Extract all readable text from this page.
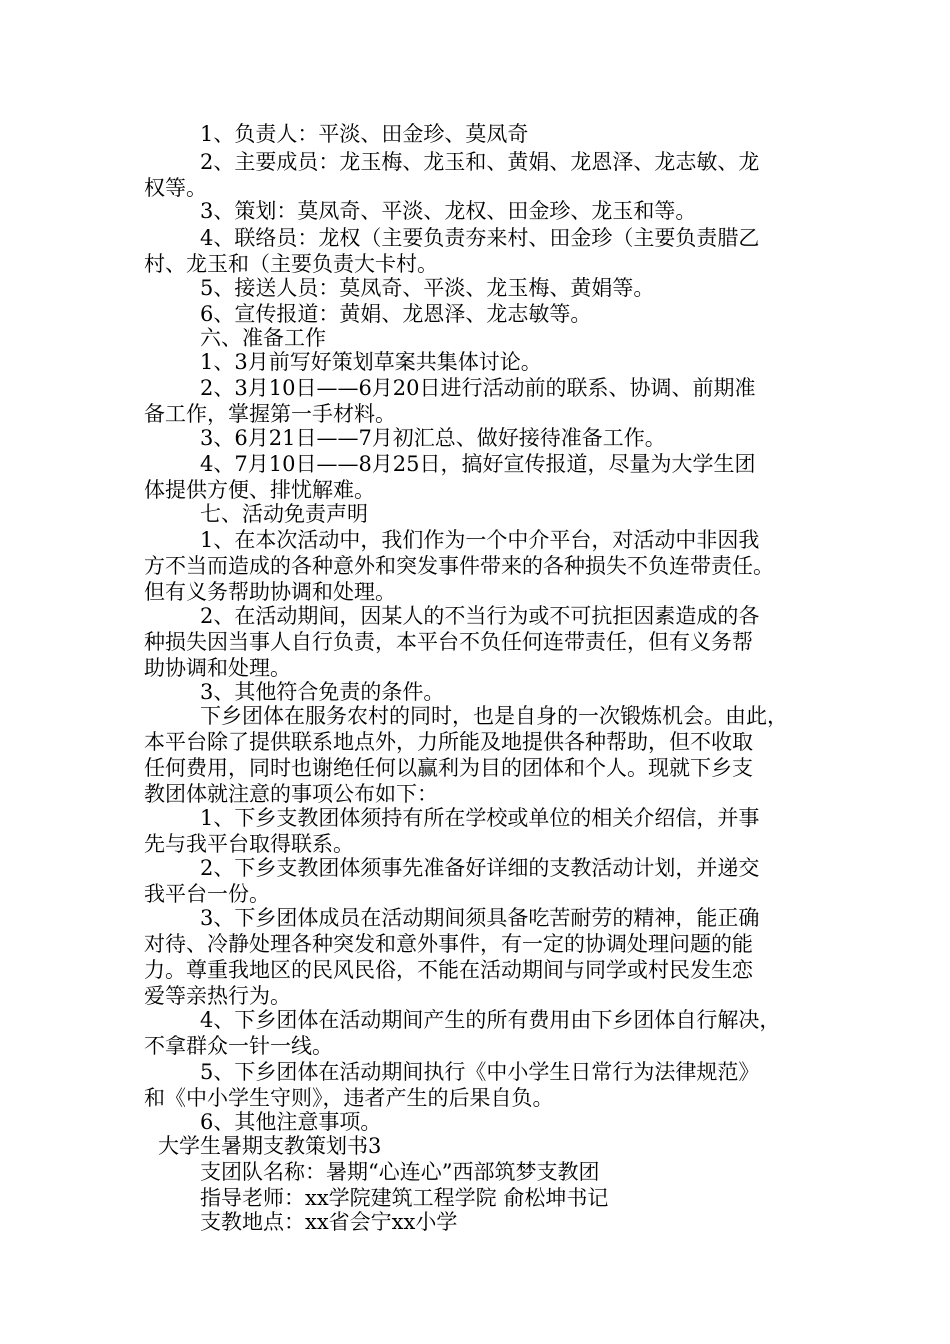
1、负责人：平淡、田金珍、莫凤奇
2、主要成员：龙玉梅、龙玉和、黄娟、龙恩泽、龙志敏、龙
权等。
3、策划：莫凤奇、平淡、龙权、田金珍、龙玉和等。
4、联络员：龙权（主要负责夯来村、田金珍（主要负责腊乙
村、龙玉和（主要负责大卡村。
5、接送人员：莫凤奇、平淡、龙玉梅、黄娟等。
6、宣传报道：黄娟、龙恩泽、龙志敏等。
六、准备工作
1、3月前写好策划草案共集体讨论。
2、3月10日——6月20日进行活动前的联系、协调、前期准
备工作，掌握第一手材料。
3、6月21日——7月初汇总、做好接待准备工作。
4、7月10日——8月25日，搞好宣传报道，尽量为大学生团
体提供方便、排忧解难。
七、活动免责声明
1、在本次活动中，我们作为一个中介平台，对活动中非因我
方不当而造成的各种意外和突发事件带来的各种损失不负连带责任。
但有义务帮助协调和处理。
2、在活动期间，因某人的不当行为或不可抗拒因素造成的各
种损失因当事人自行负责，本平台不负任何连带责任，但有义务帮
助协调和处理。
3、其他符合免责的条件。
下乡团体在服务农村的同时，也是自身的一次锻炼机会。由此，
本平台除了提供联系地点外，力所能及地提供各种帮助，但不收取
任何费用，同时也谢绝任何以赢利为目的团体和个人。现就下乡支
教团体就注意的事项公布如下：
1、下乡支教团体须持有所在学校或单位的相关介绍信，并事
先与我平台取得联系。
2、下乡支教团体须事先准备好详细的支教活动计划，并递交
我平台一份。
3、下乡团体成员在活动期间须具备吃苦耐劳的精神，能正确
对待、冷静处理各种突发和意外事件，有一定的协调处理问题的能
力。尊重我地区的民风民俗，不能在活动期间与同学或村民发生恋
爱等亲热行为。
4、下乡团体在活动期间产生的所有费用由下乡团体自行解决，
不拿群众一针一线。
5、下乡团体在活动期间执行《中小学生日常行为法律规范》
和《中小学生守则》，违者产生的后果自负。
6、其他注意事项。
大学生暑期支教策划书3
支团队名称：暑期“心连心”西部筑梦支教团
指导老师：xx学院建筑工程学院 俞松坤书记
支教地点：xx省会宁xx小学
